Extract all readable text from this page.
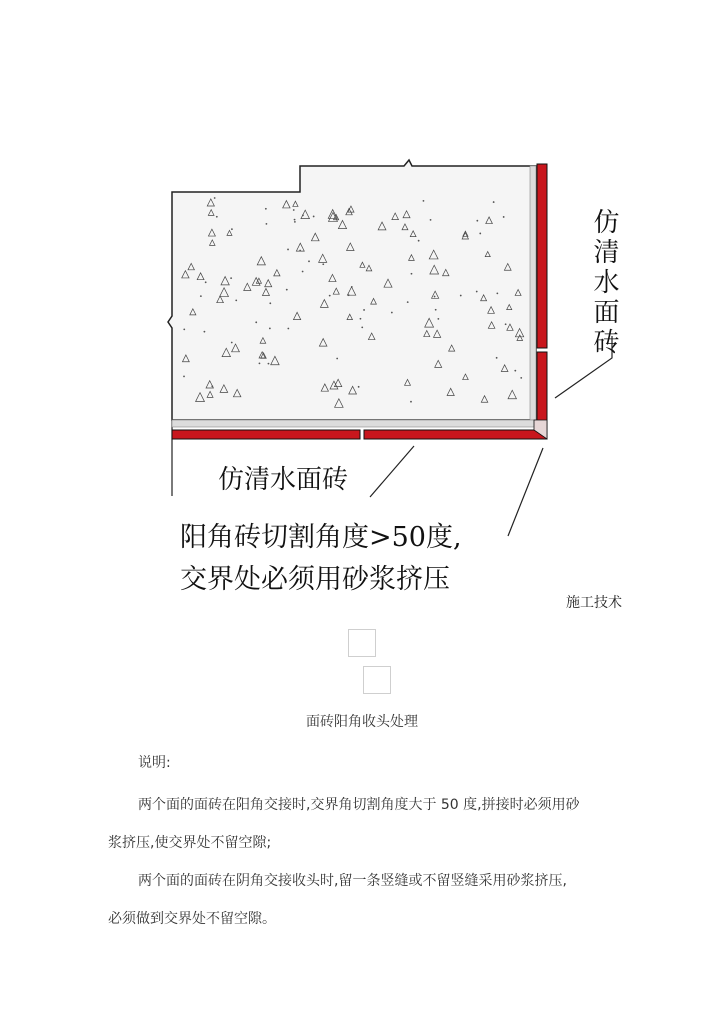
仿清水面砖
仿清水面砖
阳角砖切割角度>50度,
交界处必须用砂浆挤压
施工技术
面砖阳角收头处理

说明:

两个面的面砖在阳角交接时,交界角切割角度大于 50 度,拼接时必须用砂

浆挤压,使交界处不留空隙;

两个面的面砖在阴角交接收头时,留一条竖缝或不留竖缝采用砂浆挤压,

必须做到交界处不留空隙。
